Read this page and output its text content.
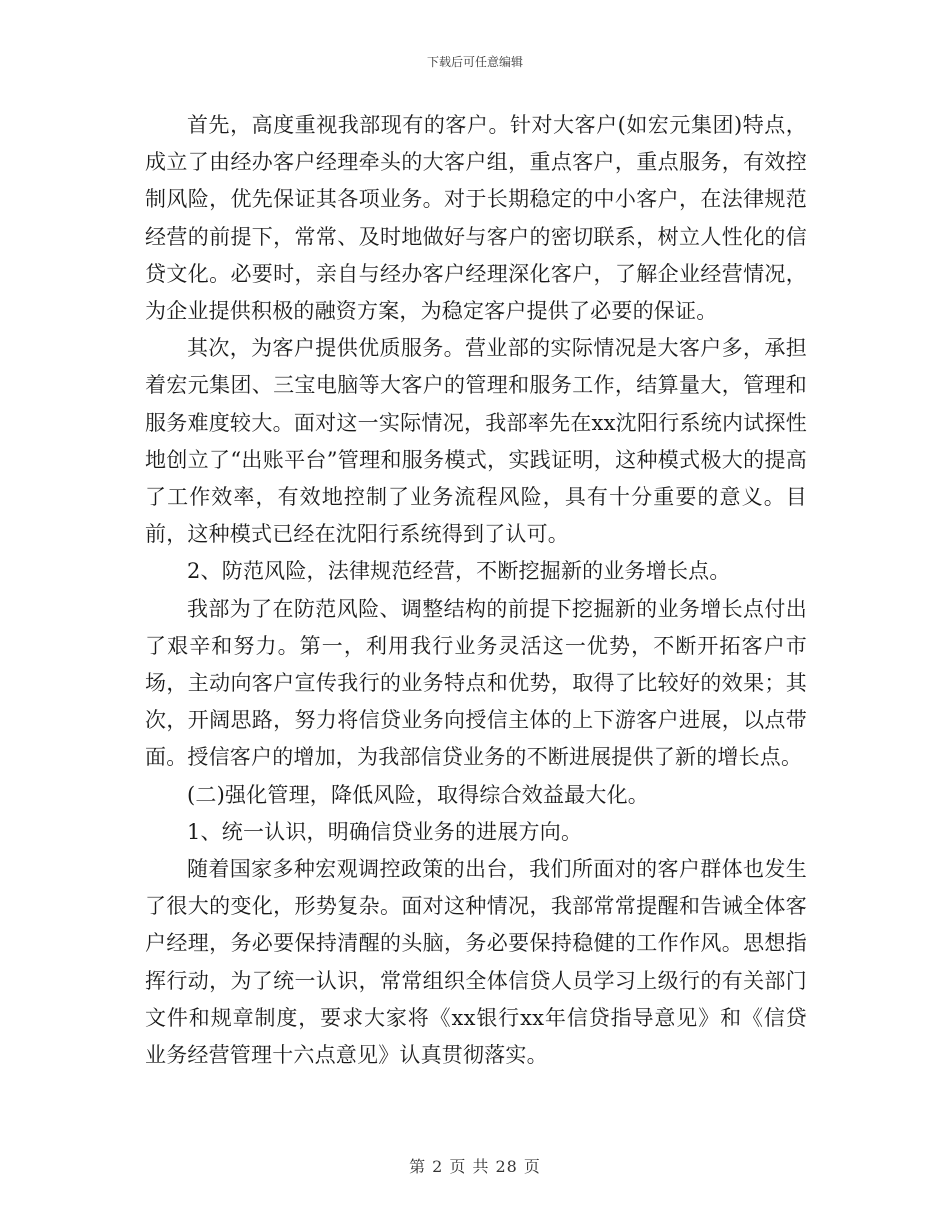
下载后可任意编辑

首先，高度重视我部现有的客户。针对大客户(如宏元集团)特点，成立了由经办客户经理牵头的大客户组，重点客户，重点服务，有效控制风险，优先保证其各项业务。对于长期稳定的中小客户，在法律规范经营的前提下，常常、及时地做好与客户的密切联系，树立人性化的信贷文化。必要时，亲自与经办客户经理深化客户，了解企业经营情况，为企业提供积极的融资方案，为稳定客户提供了必要的保证。

其次，为客户提供优质服务。营业部的实际情况是大客户多，承担着宏元集团、三宝电脑等大客户的管理和服务工作，结算量大，管理和服务难度较大。面对这一实际情况，我部率先在xx沈阳行系统内试探性地创立了“出账平台”管理和服务模式，实践证明，这种模式极大的提高了工作效率，有效地控制了业务流程风险，具有十分重要的意义。目前，这种模式已经在沈阳行系统得到了认可。

2、防范风险，法律规范经营，不断挖掘新的业务增长点。

我部为了在防范风险、调整结构的前提下挖掘新的业务增长点付出了艰辛和努力。第一，利用我行业务灵活这一优势，不断开拓客户市场，主动向客户宣传我行的业务特点和优势，取得了比较好的效果；其次，开阔思路，努力将信贷业务向授信主体的上下游客户进展，以点带面。授信客户的增加，为我部信贷业务的不断进展提供了新的增长点。

(二)强化管理，降低风险，取得综合效益最大化。

1、统一认识，明确信贷业务的进展方向。

随着国家多种宏观调控政策的出台，我们所面对的客户群体也发生了很大的变化，形势复杂。面对这种情况，我部常常提醒和告诫全体客户经理，务必要保持清醒的头脑，务必要保持稳健的工作作风。思想指挥行动，为了统一认识，常常组织全体信贷人员学习上级行的有关部门文件和规章制度，要求大家将《xx银行xx年信贷指导意见》和《信贷业务经营管理十六点意见》认真贯彻落实。

第 2 页 共 28 页
